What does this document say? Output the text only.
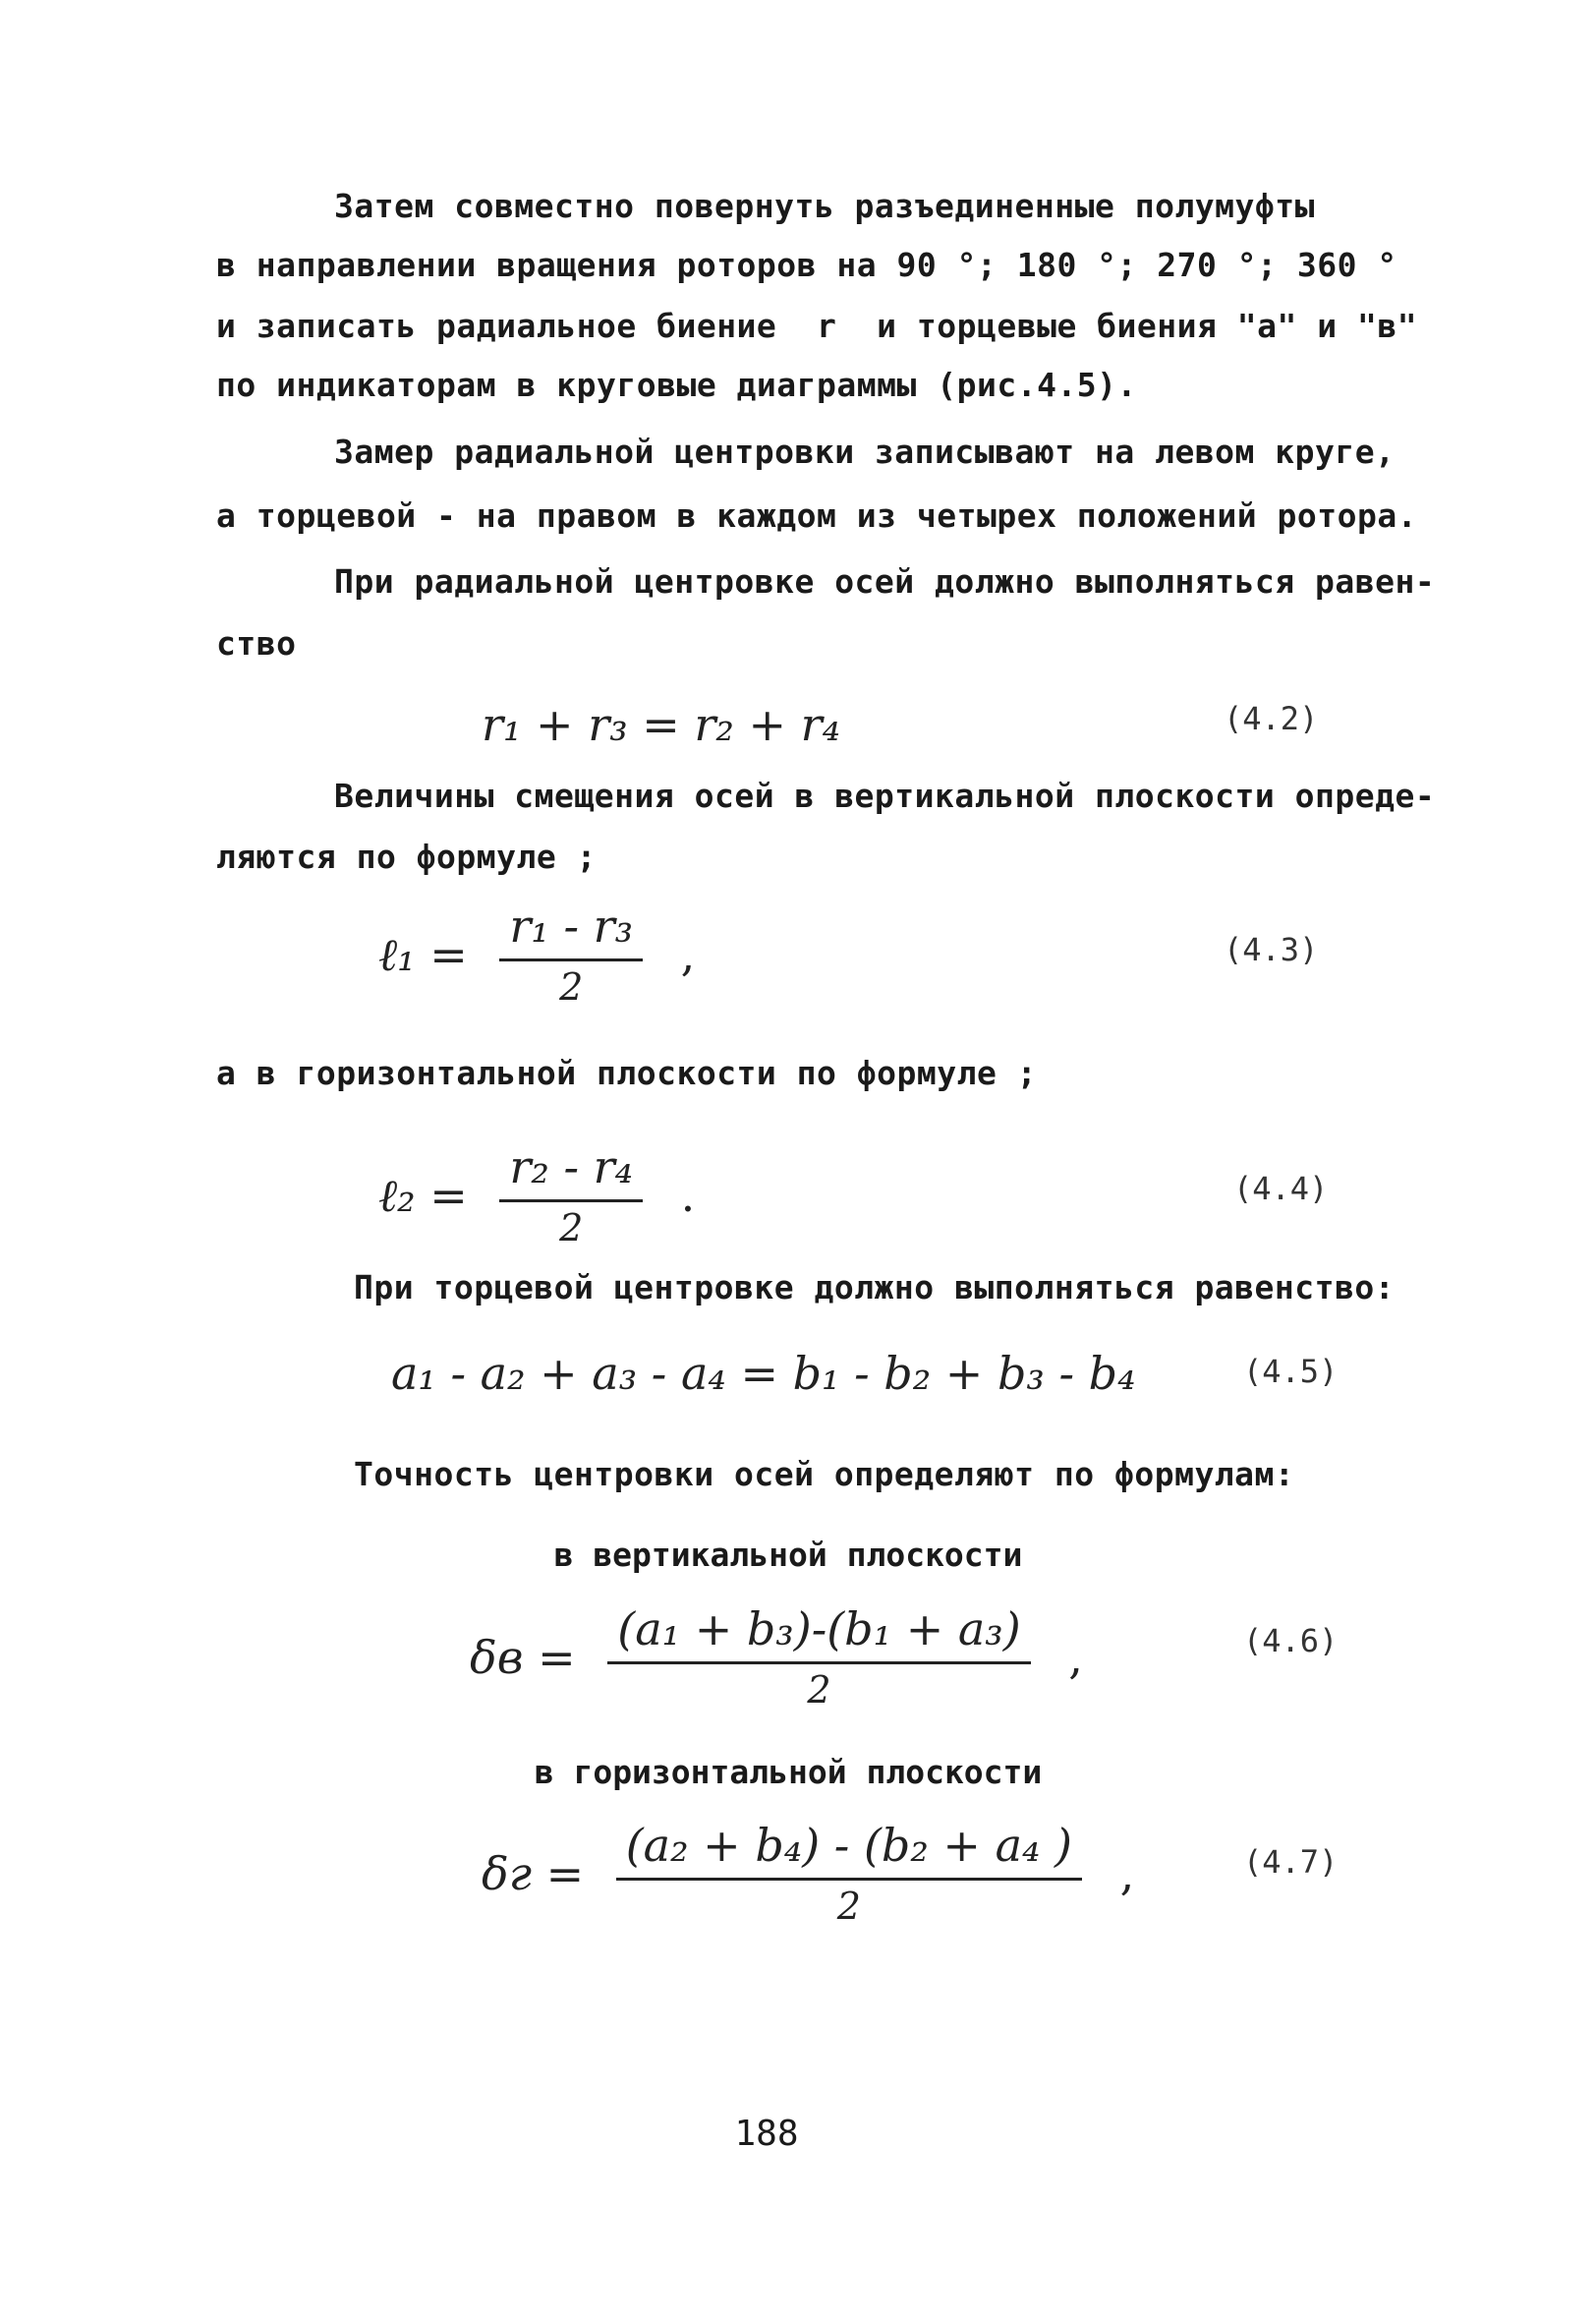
Затем совместно повернуть разъединенные полумуфты
в направлении вращения роторов на 90 °; 180 °; 270 °; 360 °
и записать радиальное биение  r  и торцевые биения "а" и "в"
по индикаторам в круговые диаграммы (рис.4.5).
Замер радиальной центровки записывают на левом круге,
а торцевой - на правом в каждом из четырех положений ротора.
При радиальной центровке осей должно выполняться равен-
ство
r₁ + r₃ = r₂ + r₄	(4.2)
Величины смещения осей в вертикальной плоскости опреде-
ляются по формуле ;
ℓ₁ = $\frac{\text{r₁ - r₃}}{2}$ ,	(4.3)
а в горизонтальной плоскости по формуле ;
ℓ₂ = $\frac{\text{r₂ - r₄}}{2}$ .	(4.4)
При торцевой центровке должно выполняться равенство:
a₁ - a₂ + a₃ - a₄ = b₁ - b₂ + b₃ - b₄	(4.5)
Точность центровки осей определяют по формулам:
в вертикальной плоскости
$\delta в = \frac{\text{(a₁ + b₃)-(b₁ + a₃)}}{2}$ ,	(4.6)
в горизонтальной плоскости
$\delta г = \frac{\text{(a₂ + b₄) - (b₂ + a₄ )}}{2}$ ,	(4.7)
188
